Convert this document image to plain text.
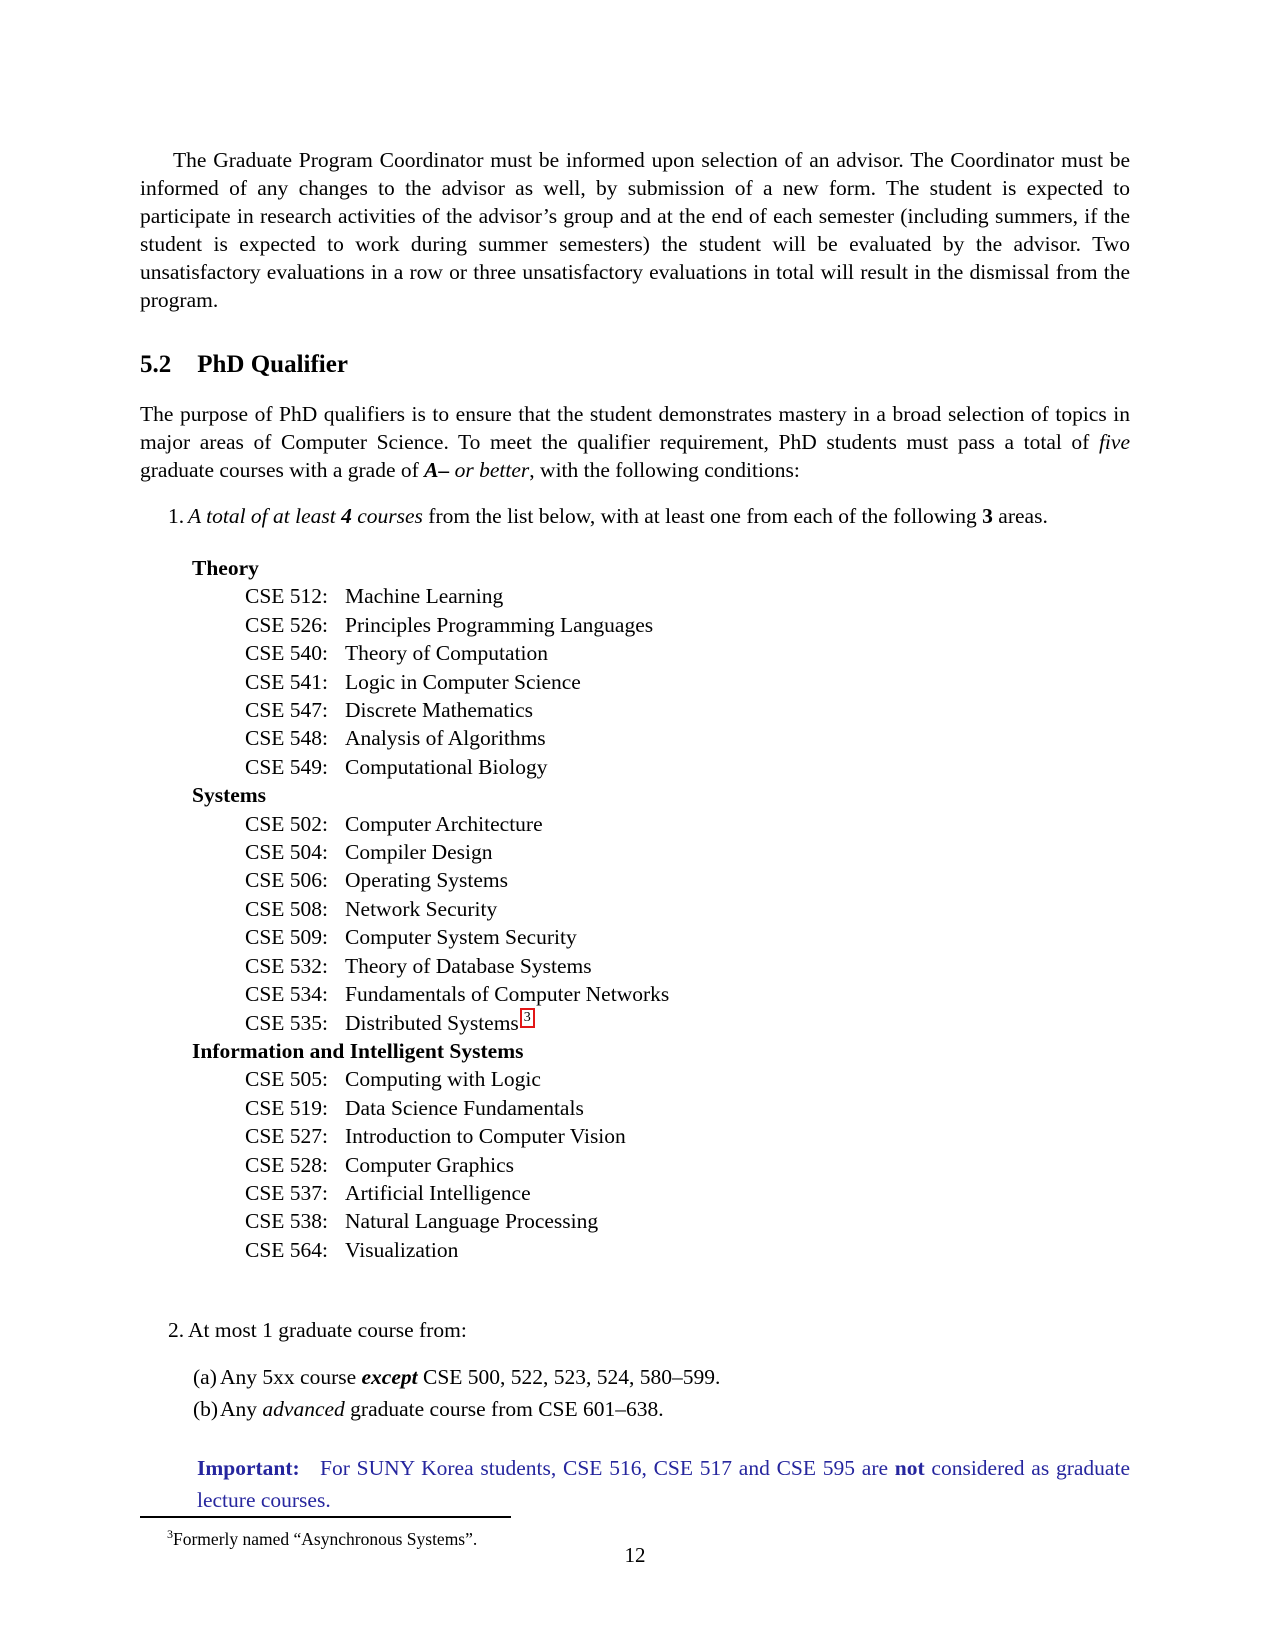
The Graduate Program Coordinator must be informed upon selection of an advisor. The Coordinator must be informed of any changes to the advisor as well, by submission of a new form. The student is expected to participate in research activities of the advisor’s group and at the end of each semester (including summers, if the student is expected to work during summer semesters) the student will be evaluated by the advisor. Two unsatisfactory evaluations in a row or three unsatisfactory evaluations in total will result in the dismissal from the program.

5.2 PhD Qualifier

The purpose of PhD qualifiers is to ensure that the student demonstrates mastery in a broad selection of topics in major areas of Computer Science. To meet the qualifier requirement, PhD students must pass a total of five graduate courses with a grade of A– or better, with the following conditions:

1. A total of at least 4 courses from the list below, with at least one from each of the following 3 areas.
Theory
CSE 512: Machine Learning
CSE 526: Principles Programming Languages
CSE 540: Theory of Computation
CSE 541: Logic in Computer Science
CSE 547: Discrete Mathematics
CSE 548: Analysis of Algorithms
CSE 549: Computational Biology
Systems
CSE 502: Computer Architecture
CSE 504: Compiler Design
CSE 506: Operating Systems
CSE 508: Network Security
CSE 509: Computer System Security
CSE 532: Theory of Database Systems
CSE 534: Fundamentals of Computer Networks
CSE 535: Distributed Systems $^3$
Information and Intelligent Systems
CSE 505: Computing with Logic
CSE 519: Data Science Fundamentals
CSE 527: Introduction to Computer Vision
CSE 528: Computer Graphics
CSE 537: Artificial Intelligence
CSE 538: Natural Language Processing
CSE 564: Visualization
2. At most 1 graduate course from:
(a) Any 5xx course except CSE 500, 522, 523, 524, 580–599.
(b) Any advanced graduate course from CSE 601–638.

Important:   For SUNY Korea students, CSE 516, CSE 517 and CSE 595 are not considered as graduate lecture courses.

$^3$Formerly named “Asynchronous Systems”.

12
